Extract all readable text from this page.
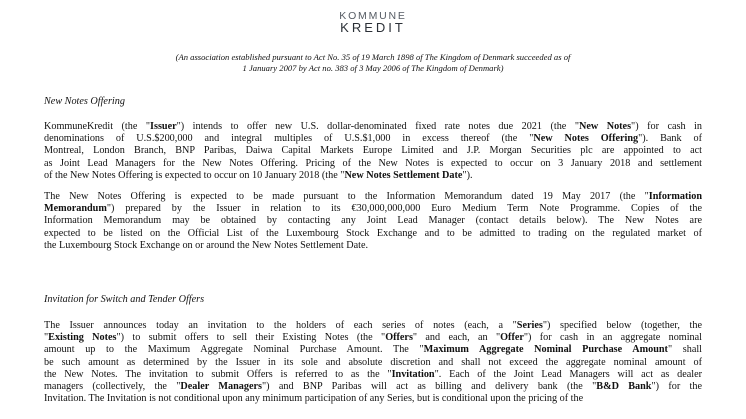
KOMMUNE
KREDIT
(An association established pursuant to Act No. 35 of 19 March 1898 of The Kingdom of Denmark succeeded as of
1 January 2007 by Act no. 383 of 3 May 2006 of The Kingdom of Denmark)
New Notes Offering
KommuneKredit (the "Issuer") intends to offer new U.S. dollar-denominated fixed rate notes due 2021 (the "New Notes") for cash in
denominations of U.S.$200,000 and integral multiples of U.S.$1,000 in excess thereof (the "New Notes Offering"). Bank of
Montreal, London Branch, BNP Paribas, Daiwa Capital Markets Europe Limited and J.P. Morgan Securities plc are appointed to act
as Joint Lead Managers for the New Notes Offering. Pricing of the New Notes is expected to occur on 3 January 2018 and settlement
of the New Notes Offering is expected to occur on 10 January 2018 (the "New Notes Settlement Date").
The New Notes Offering is expected to be made pursuant to the Information Memorandum dated 19 May 2017 (the "Information
Memorandum") prepared by the Issuer in relation to its €30,000,000,000 Euro Medium Term Note Programme. Copies of the
Information Memorandum may be obtained by contacting any Joint Lead Manager (contact details below). The New Notes are
expected to be listed on the Official List of the Luxembourg Stock Exchange and to be admitted to trading on the regulated market of
the Luxembourg Stock Exchange on or around the New Notes Settlement Date.
Invitation for Switch and Tender Offers
The Issuer announces today an invitation to the holders of each series of notes (each, a "Series") specified below (together, the
"Existing Notes") to submit offers to sell their Existing Notes (the "Offers" and each, an "Offer") for cash in an aggregate nominal
amount up to the Maximum Aggregate Nominal Purchase Amount. The "Maximum Aggregate Nominal Purchase Amount" shall
be such amount as determined by the Issuer in its sole and absolute discretion and shall not exceed the aggregate nominal amount of
the New Notes. The invitation to submit Offers is referred to as the "Invitation". Each of the Joint Lead Managers will act as dealer
managers (collectively, the "Dealer Managers") and BNP Paribas will act as billing and delivery bank (the "B&D Bank") for the
Invitation. The Invitation is not conditional upon any minimum participation of any Series, but is conditional upon the pricing of the
